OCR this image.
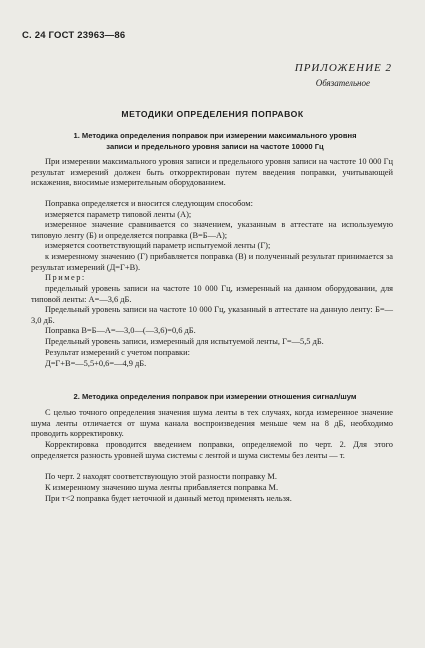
С. 24 ГОСТ 23963—86
ПРИЛОЖЕНИЕ 2
Обязательное
МЕТОДИКИ ОПРЕДЕЛЕНИЯ ПОПРАВОК
1. Методика определения поправок при измерении максимального уровня
записи и предельного уровня записи на частоте 10000 Гц
При измерении максимального уровня записи и предельного уровня записи на частоте 10 000 Гц результат измерений должен быть откорректирован путем введения поправки, учитывающей искажения, вносимые измерительным оборудованием.
Поправка определяется и вносится следующим способом:
измеряется параметр типовой ленты (А);
измеренное значение сравнивается со значением, указанным в аттестате на используемую типовую ленту (Б) и определяется поправка (В=Б—А);
измеряется соответствующий параметр испытуемой ленты (Г);
к измеренному значению (Г) прибавляется поправка (В) и полученный результат принимается за результат измерений (Д=Г+В).
Пример:
предельный уровень записи на частоте 10 000 Гц, измеренный на данном оборудовании, для типовой ленты: А=—3,6 дБ.
Предельный уровень записи на частоте 10 000 Гц, указанный в аттестате на данную ленту: Б=—3,0 дБ.
Поправка В=Б—А=—3,0—(—3,6)=0,6 дБ.
Предельный уровень записи, измеренный для испытуемой ленты, Г=—5,5 дБ.
Результат измерений с учетом поправки:
Д=Г+В=—5,5+0,6=—4,9 дБ.
2. Методика определения поправок при измерении отношения сигнал/шум
С целью точного определения значения шума ленты в тех случаях, когда измеренное значение шума ленты отличается от шума канала воспроизведения меньше чем на 8 дБ, необходимо проводить корректировку.
Корректировка проводится введением поправки, определяемой по черт. 2. Для этого определяется разность уровней шума системы с лентой и шума системы без ленты — т.
По черт. 2 находят соответствующую этой разности поправку М.
К измеренному значению шума ленты прибавляется поправка М.
При т<2 поправка будет неточной и данный метод применять нельзя.
